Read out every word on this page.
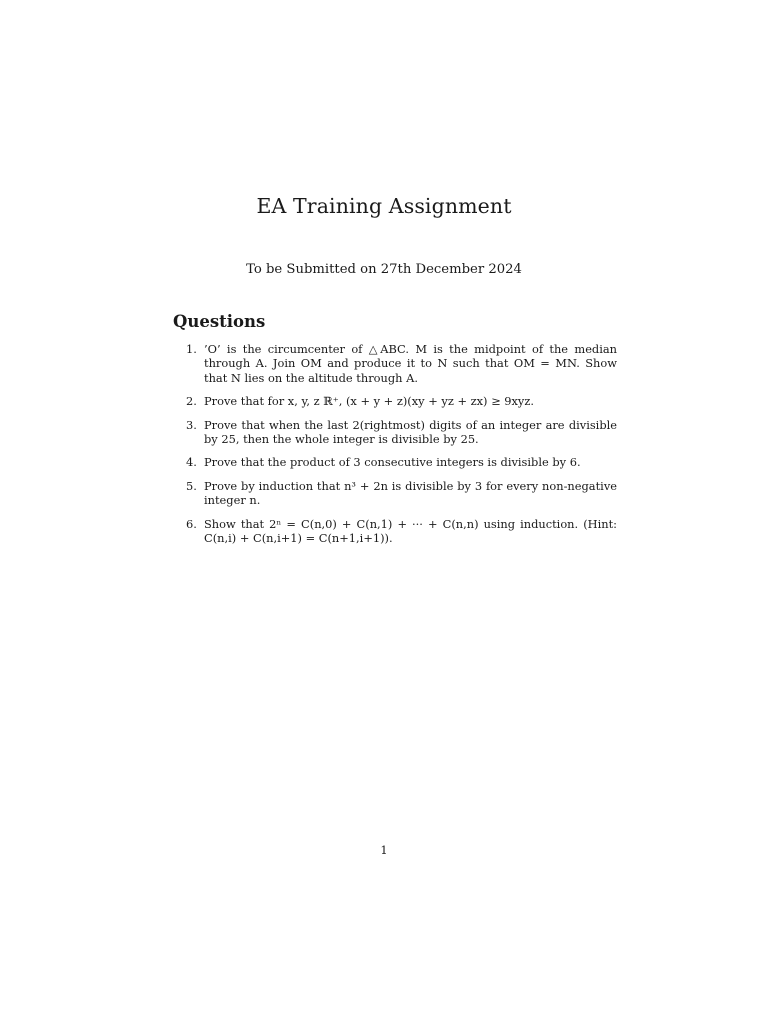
EA Training Assignment
To be Submitted on 27th December 2024
Questions
1. ’O’ is the circumcenter of △ABC. M is the midpoint of the median through A. Join OM and produce it to N such that OM = MN. Show that N lies on the altitude through A.
2. Prove that for x, y, z ℝ⁺, (x + y + z)(xy + yz + zx) ≥ 9xyz.
3. Prove that when the last 2(rightmost) digits of an integer are divisible by 25, then the whole integer is divisible by 25.
4. Prove that the product of 3 consecutive integers is divisible by 6.
5. Prove by induction that n³ + 2n is divisible by 3 for every non-negative integer n.
6. Show that 2ⁿ = C(n,0) + C(n,1) + ··· + C(n,n) using induction. (Hint: C(n,i) + C(n,i+1) = C(n+1,i+1)).
1
